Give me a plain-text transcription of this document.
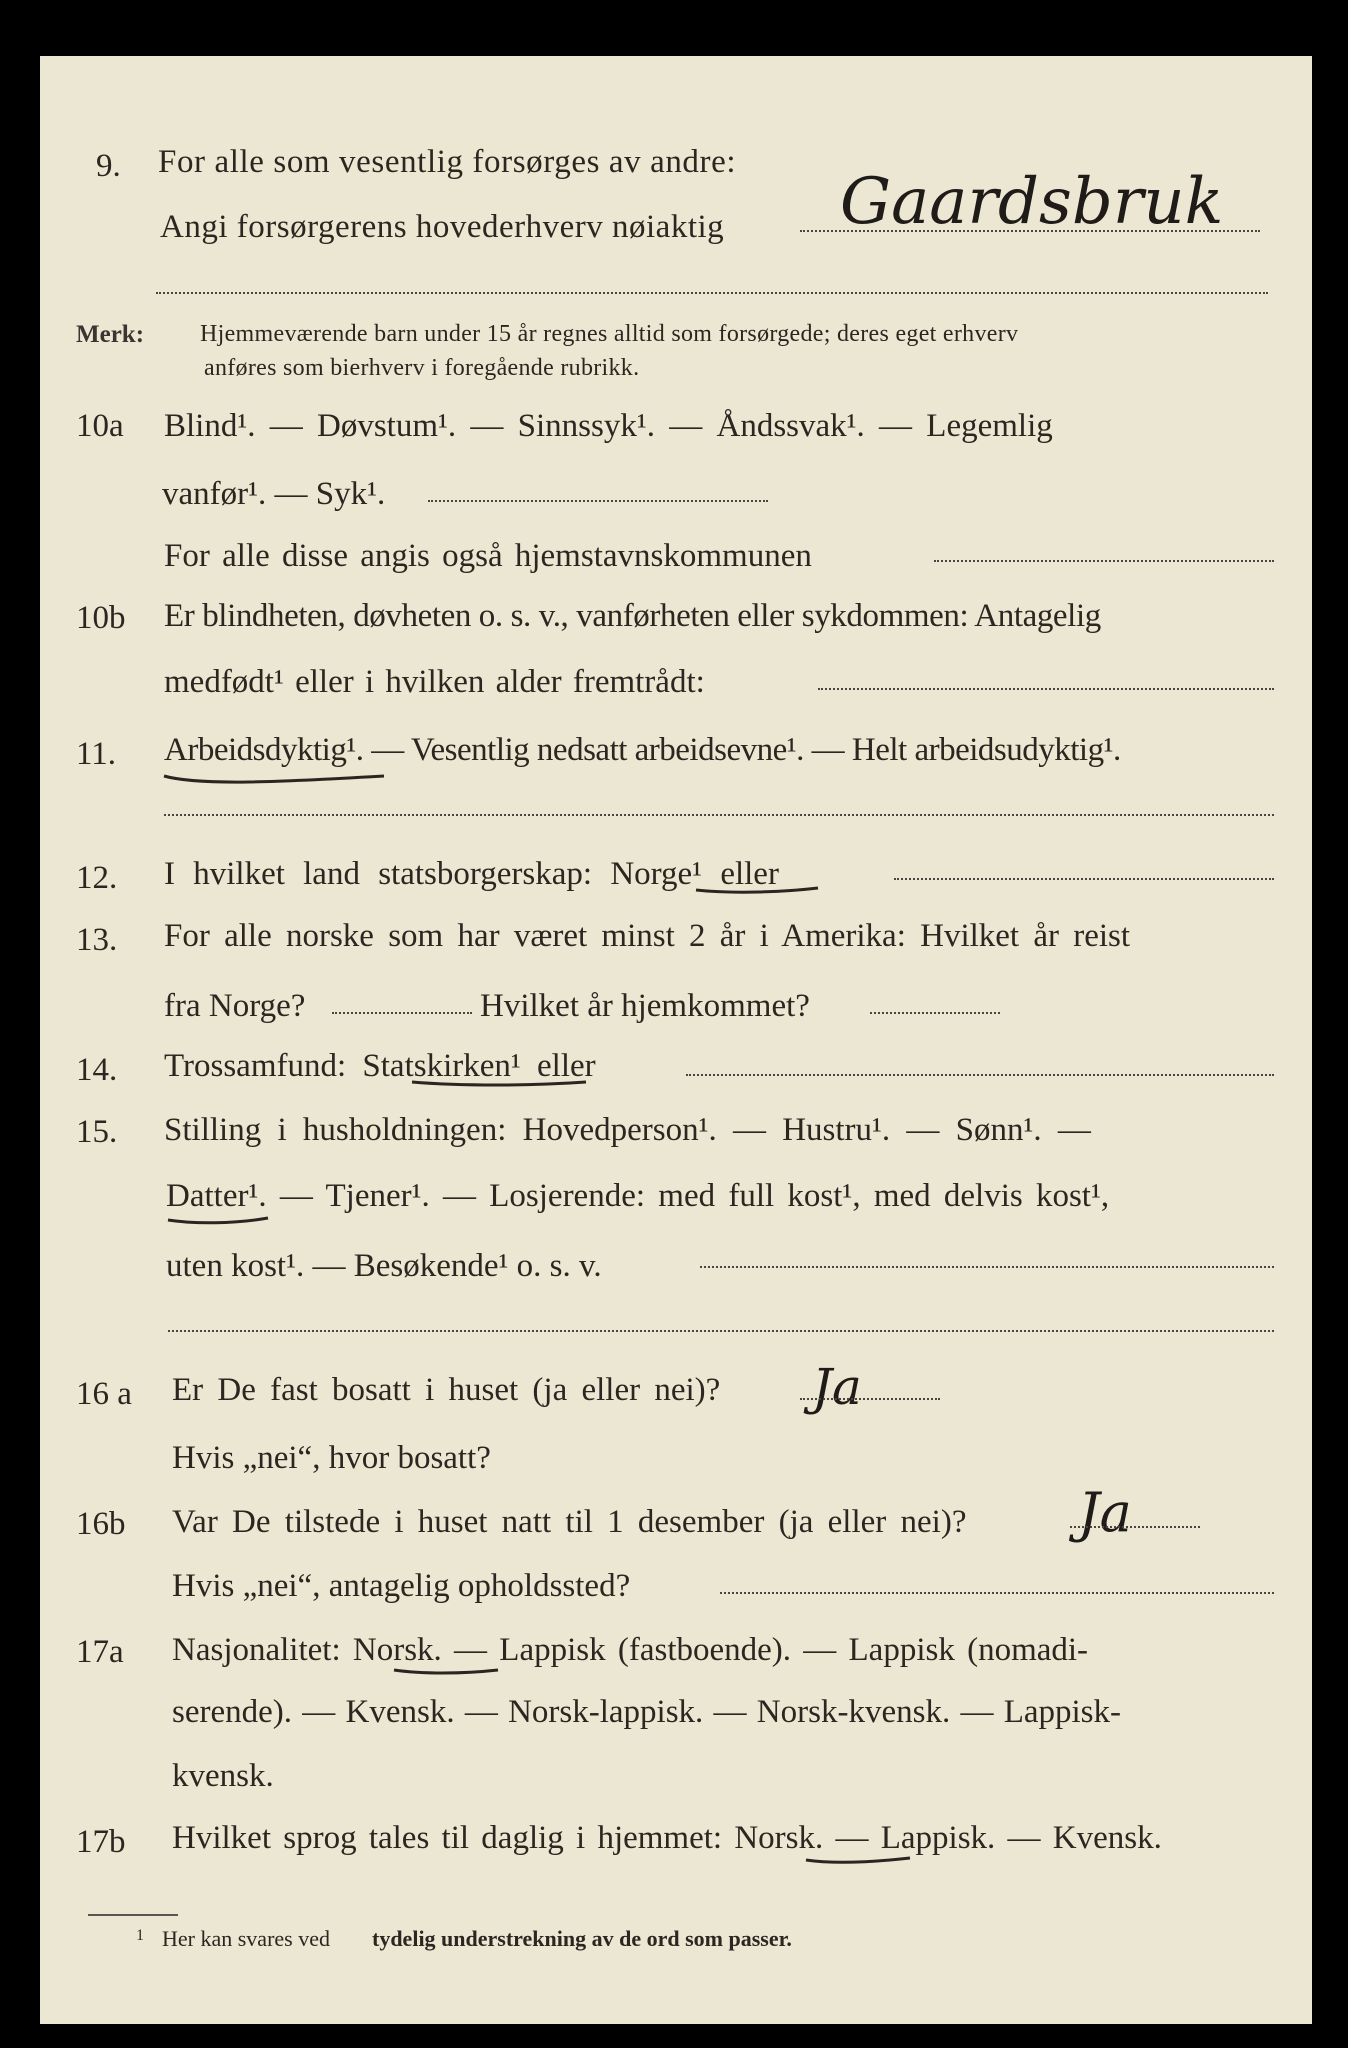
9. For alle som vesentlig forsørges av andre:
Angi forsørgerens hovederhverv nøiaktig Gaardsbruk
Merk: Hjemmeværende barn under 15 år regnes alltid som forsørgede; deres eget erhverv
anføres som bierhverv i foregående rubrikk.
10a Blind¹. — Døvstum¹. — Sinnssyk¹. — Åndssvak¹. — Legemlig
vanfør¹. — Syk¹.
For alle disse angis også hjemstavnskommunen
10b Er blindheten, døvheten o. s. v., vanførheten eller sykdommen: Antagelig
medfødt¹ eller i hvilken alder fremtrådt:
11. Arbeidsdyktig¹. — Vesentlig nedsatt arbeidsevne¹. — Helt arbeidsudyktig¹.
12. I hvilket land statsborgerskap: Norge¹ eller
13. For alle norske som har været minst 2 år i Amerika: Hvilket år reist
fra Norge?	Hvilket år hjemkommet?
14. Trossamfund: Statskirken¹ eller
15. Stilling i husholdningen: Hovedperson¹. — Hustru¹. — Sønn¹. —
Datter¹. — Tjener¹. — Losjerende: med full kost¹, med delvis kost¹,
uten kost¹. — Besøkende¹ o. s. v.
16 a Er De fast bosatt i huset (ja eller nei)? Ja
Hvis „nei“, hvor bosatt?
16b Var De tilstede i huset natt til 1 desember (ja eller nei)? Ja
Hvis „nei“, antagelig opholdssted?
17a Nasjonalitet: Norsk. — Lappisk (fastboende). — Lappisk (nomadi-
serende). — Kvensk. — Norsk-lappisk. — Norsk-kvensk. — Lappisk-
kvensk.
17b Hvilket sprog tales til daglig i hjemmet: Norsk. — Lappisk. — Kvensk.
1 Her kan svares ved tydelig understrekning av de ord som passer.
